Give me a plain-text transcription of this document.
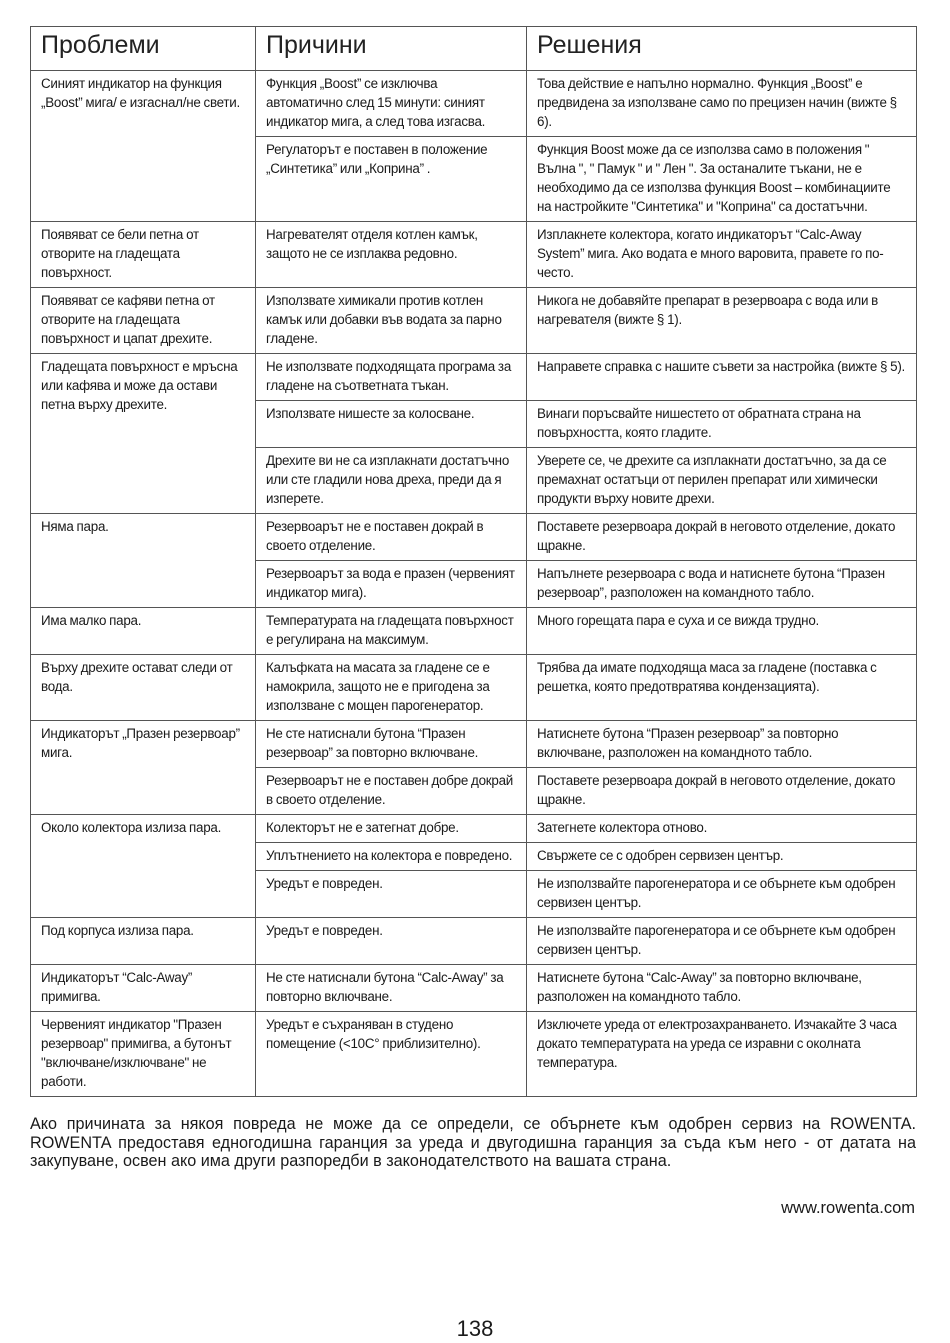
Проблеми	Причини	Решения
Синият индикатор на функция „Boost” мига/ е изгаснал/не свети.	Функция „Boost” се изключва автоматично след 15 минути: синият индикатор мига, а след това изгасва.	Това действие е напълно нормално. Функция „Boost” е предвидена за използване само по прецизен начин (вижте § 6).
	Регулаторът е поставен в положение „Синтетика” или „Коприна” .	Функция Boost може да се използва само в положения " Вълна ", " Памук " и " Лен ". За останалите тъкани, не е необходимо да се използва функция Boost – комбинациите на настройките "Синтетика" и "Коприна" са достатъчни.
Появяват се бели петна от отворите на гладещата повърхност.	Нагревателят отделя котлен камък, защото не се изплаква редовно.	Изплакнете колектора, когато индикаторът “Calc-Away System” мига. Ако водата е много варовита, правете го по-често.
Появяват се кафяви петна от отворите на гладещата повърхност и цапат дрехите.	Използвате химикали против котлен камък или добавки във водата за парно гладене.	Никога не добавяйте препарат в резервоара с вода или в нагревателя (вижте § 1).
Гладещата повърхност е мръсна или кафява и може да остави петна върху дрехите.	Не използвате подходящата програма за гладене на съответната тъкан.	Направете справка с нашите съвети за настройка (вижте § 5).
	Използвате нишесте за колосване.	Винаги поръсвайте нишестето от обратната страна на повърхността, която гладите.
	Дрехите ви не са изплакнати достатъчно или сте гладили нова дреха, преди да я изперете.	Уверете се, че дрехите са изплакнати достатъчно, за да се премахнат остатъци от перилен препарат или химически продукти върху новите дрехи.
Няма пара.	Резервоарът не е поставен докрай в своето отделение.	Поставете резервоара докрай в неговото отделение, докато щракне.
	Резервоарът за вода е празен (червеният индикатор мига).	Напълнете резервоара с вода и натиснете бутона “Празен резервоар”, разположен на командното табло.
Има малко пара.	Температурата на гладещата повърхност е регулирана на максимум.	Много горещата пара е суха и се вижда трудно.
Върху дрехите остават следи от вода.	Калъфката на масата за гладене се е намокрила, защото не е пригодена за използване с мощен парогенератор.	Трябва да имате подходяща маса за гладене (поставка с решетка, която предотвратява кондензацията).
Индикаторът „Празен резервоар” мига.	Не сте натиснали бутона “Празен резервоар” за повторно включване.	Натиснете бутона “Празен резервоар” за повторно включване, разположен на командното табло.
	Резервоарът не е поставен добре докрай в своето отделение.	Поставете резервоара докрай в неговото отделение, докато щракне.
Около колектора излиза пара.	Колекторът не е затегнат добре.	Затегнете колектора отново.
	Уплътнението на колектора е повредено.	Свържете се с одобрен сервизен център.
	Уредът е повреден.	Не използвайте парогенератора и се обърнете към одобрен сервизен център.
Под корпуса излиза пара.	Уредът е повреден.	Не използвайте парогенератора и се обърнете към одобрен сервизен център.
Индикаторът “Calc-Away” примигва.	Не сте натиснали бутона “Calc-Away” за повторно включване.	Натиснете бутона “Calc-Away” за повторно включване, разположен на командното табло.
Червеният индикатор "Празен резервоар" примигва, а бутонът "включване/изключване" не работи.	Уредът е съхраняван в студено помещение (<10C° приблизително).	Изключете уреда от електрозахранването. Изчакайте 3 часа докато температурата на уреда се изравни с околната температура.
Ако причината за някоя повреда не може да се определи, се обърнете към одобрен сервиз на ROWENTA. ROWENTA предоставя едногодишна гаранция за уреда и двугодишна гаранция за съда към него - от датата на закупуване, освен ако има други разпоредби в законодателството на вашата страна.
www.rowenta.com
138
